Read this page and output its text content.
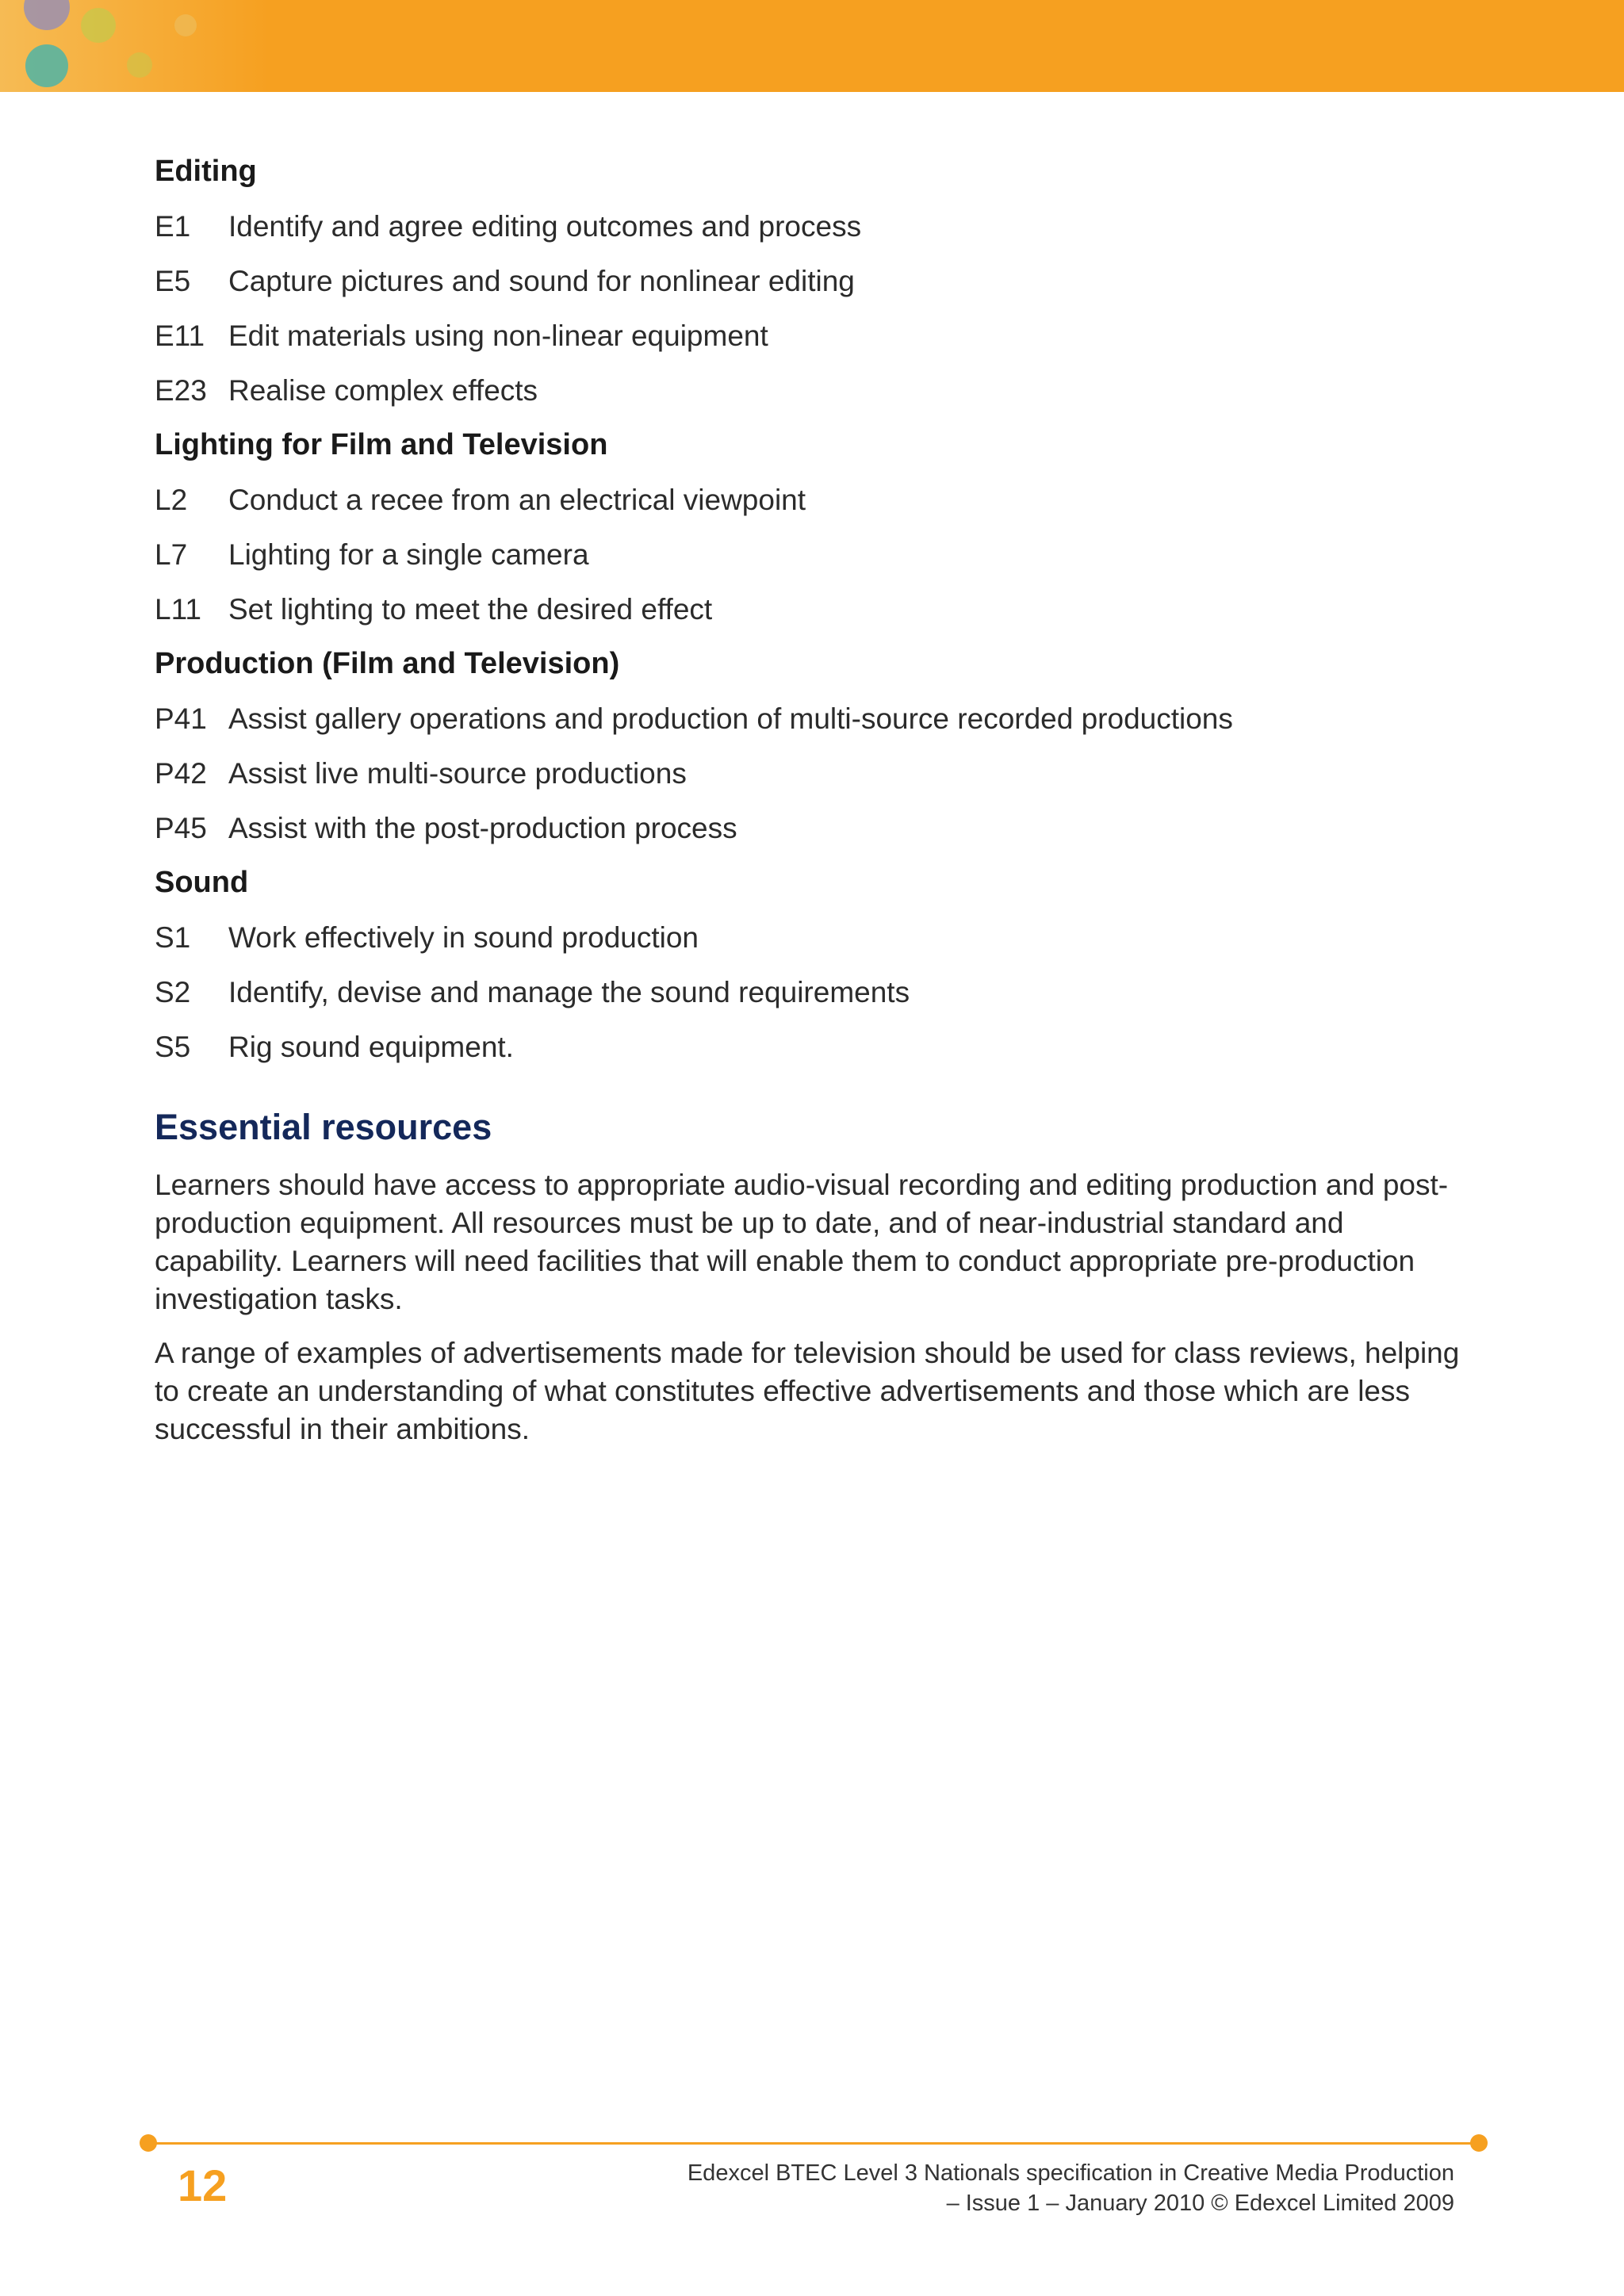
Editing
E1	Identify and agree editing outcomes and process
E5	Capture pictures and sound for nonlinear editing
E11 Edit materials using non-linear equipment
E23 Realise complex effects
Lighting for Film and Television
L2	Conduct a recee from an electrical viewpoint
L7	Lighting for a single camera
L11 Set lighting to meet the desired effect
Production (Film and Television)
P41 Assist gallery operations and production of multi-source recorded productions
P42 Assist live multi-source productions
P45 Assist with the post-production process
Sound
S1	Work effectively in sound production
S2	Identify, devise and manage the sound requirements
S5	Rig sound equipment.
Essential resources
Learners should have access to appropriate audio-visual recording and editing production and post-production equipment. All resources must be up to date, and of near-industrial standard and capability. Learners will need facilities that will enable them to conduct appropriate pre-production investigation tasks.
A range of examples of advertisements made for television should be used for class reviews, helping to create an understanding of what constitutes effective advertisements and those which are less successful in their ambitions.
12	Edexcel BTEC Level 3 Nationals specification in Creative Media Production
– Issue 1 – January 2010 © Edexcel Limited 2009
